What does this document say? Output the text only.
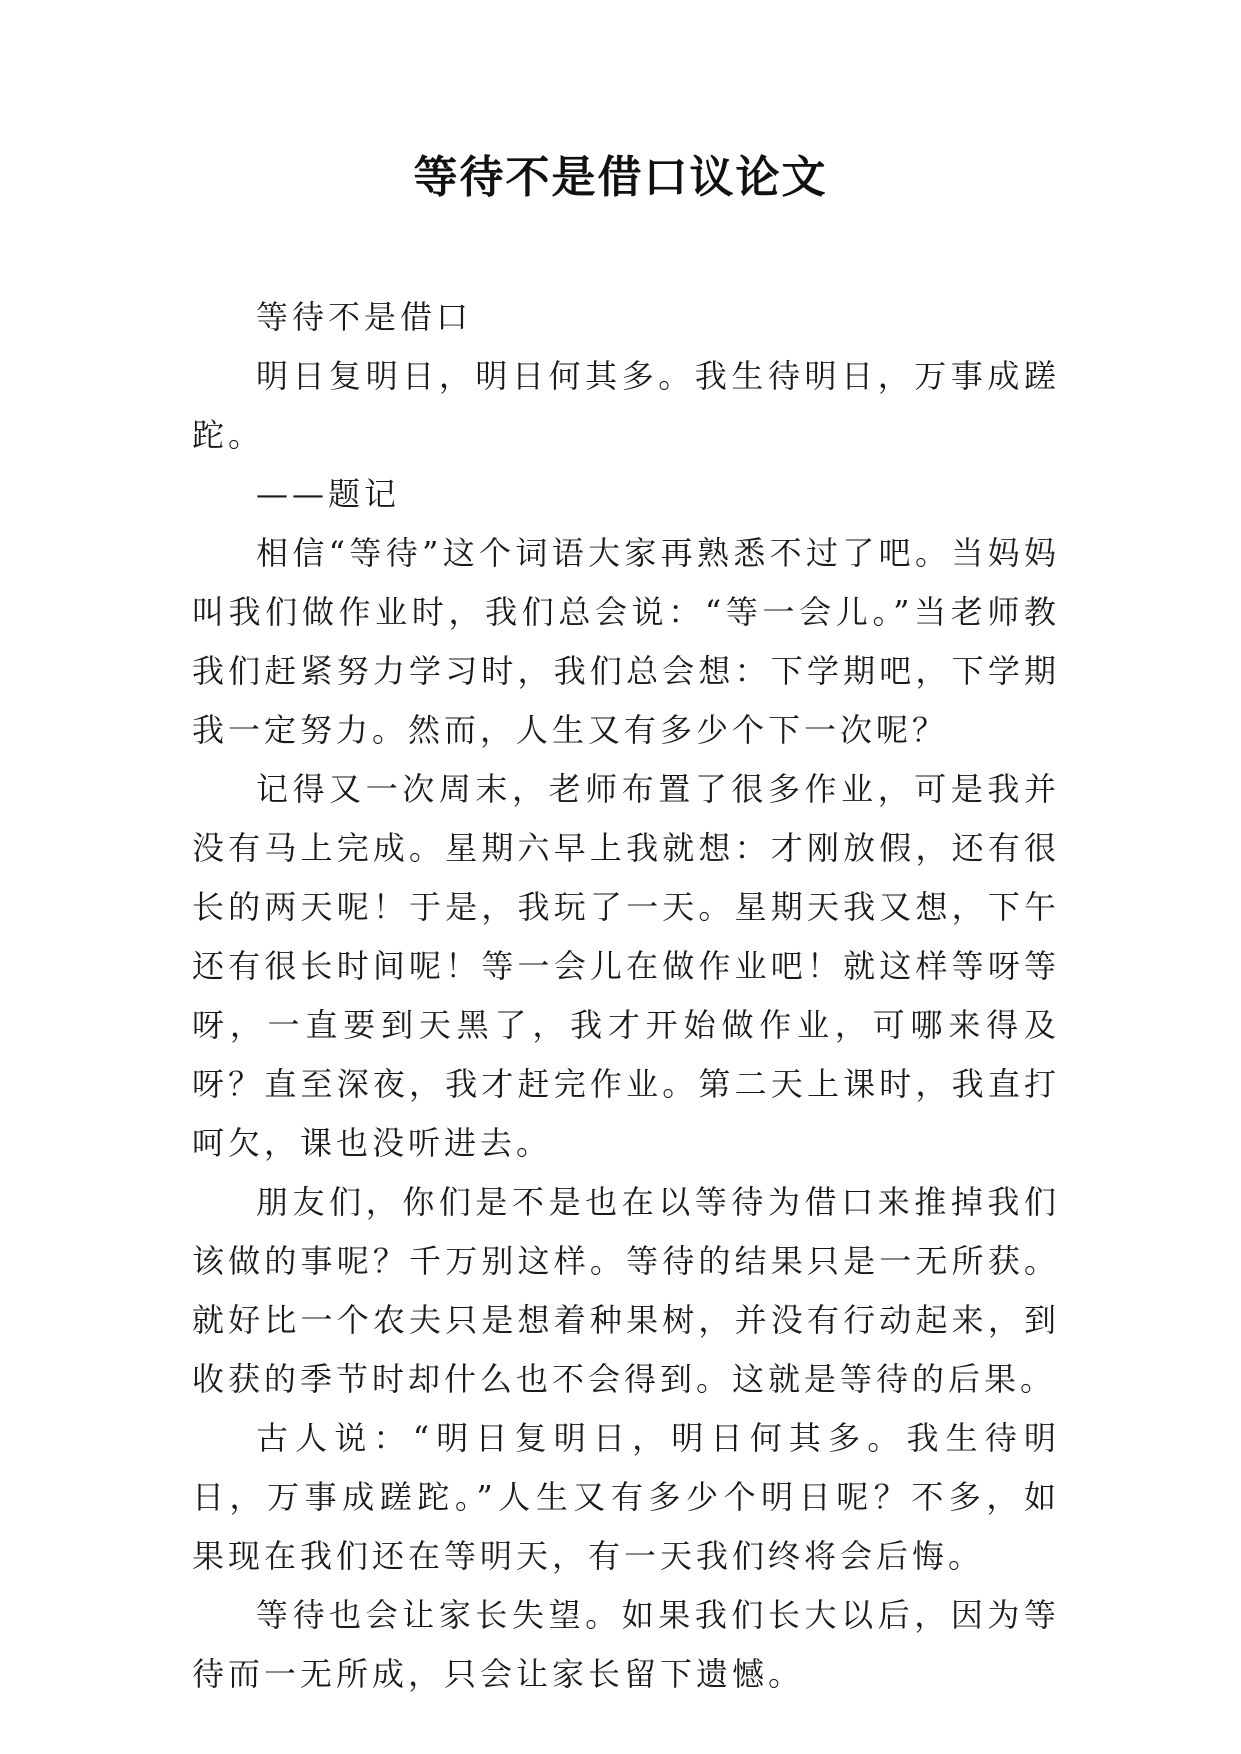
等待不是借口议论文

等待不是借口

明日复明日，明日何其多。我生待明日，万事成蹉跎。

——题记

相信“等待”这个词语大家再熟悉不过了吧。当妈妈叫我们做作业时，我们总会说：“等一会儿。”当老师教我们赶紧努力学习时，我们总会想：下学期吧，下学期我一定努力。然而，人生又有多少个下一次呢？

记得又一次周末，老师布置了很多作业，可是我并没有马上完成。星期六早上我就想：才刚放假，还有很长的两天呢！于是，我玩了一天。星期天我又想，下午还有很长时间呢！等一会儿在做作业吧！就这样等呀等呀，一直要到天黑了，我才开始做作业，可哪来得及呀？直至深夜，我才赶完作业。第二天上课时，我直打呵欠，课也没听进去。

朋友们，你们是不是也在以等待为借口来推掉我们该做的事呢？千万别这样。等待的结果只是一无所获。就好比一个农夫只是想着种果树，并没有行动起来，到收获的季节时却什么也不会得到。这就是等待的后果。

古人说：“明日复明日，明日何其多。我生待明日，万事成蹉跎。”人生又有多少个明日呢？不多，如果现在我们还在等明天，有一天我们终将会后悔。

等待也会让家长失望。如果我们长大以后，因为等待而一无所成，只会让家长留下遗憾。
